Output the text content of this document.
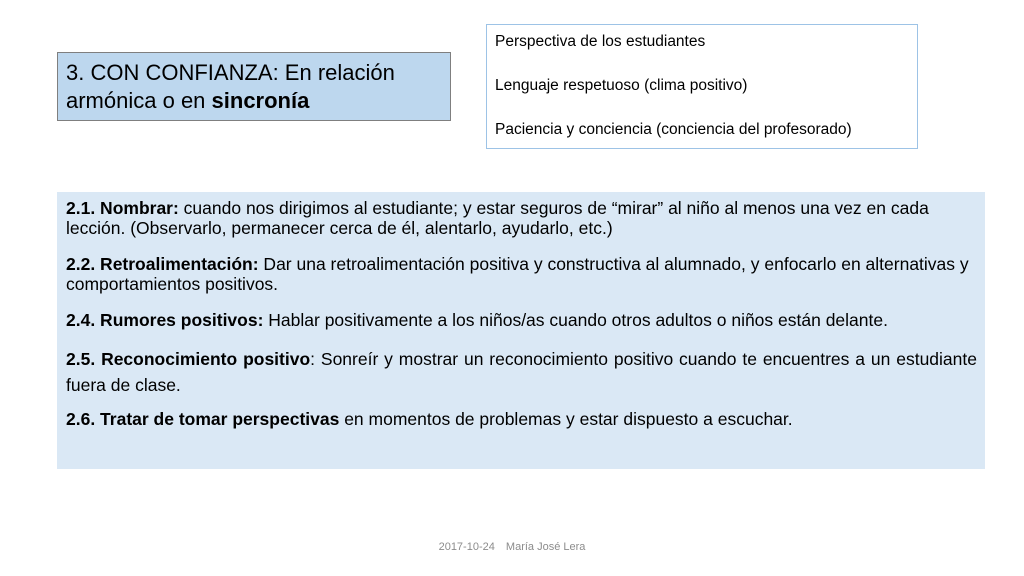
3. CON CONFIANZA: En relación armónica o en sincronía

Perspectiva de los estudiantes

Lenguaje respetuoso (clima positivo)

Paciencia y conciencia (conciencia del profesorado)

2.1. Nombrar: cuando nos dirigimos al estudiante; y estar seguros de “mirar” al niño al menos una vez en cada lección. (Observarlo, permanecer cerca de él, alentarlo, ayudarlo, etc.)

2.2. Retroalimentación: Dar una retroalimentación positiva y constructiva al alumnado, y enfocarlo en alternativas y comportamientos positivos.

2.4. Rumores positivos: Hablar positivamente a los niños/as cuando otros adultos o niños están delante.

2.5. Reconocimiento positivo: Sonreír y mostrar un reconocimiento positivo cuando te encuentres a un estudiante fuera de clase.

2.6. Tratar de tomar perspectivas en momentos de problemas y estar dispuesto a escuchar.

2017-10-24 María José Lera
